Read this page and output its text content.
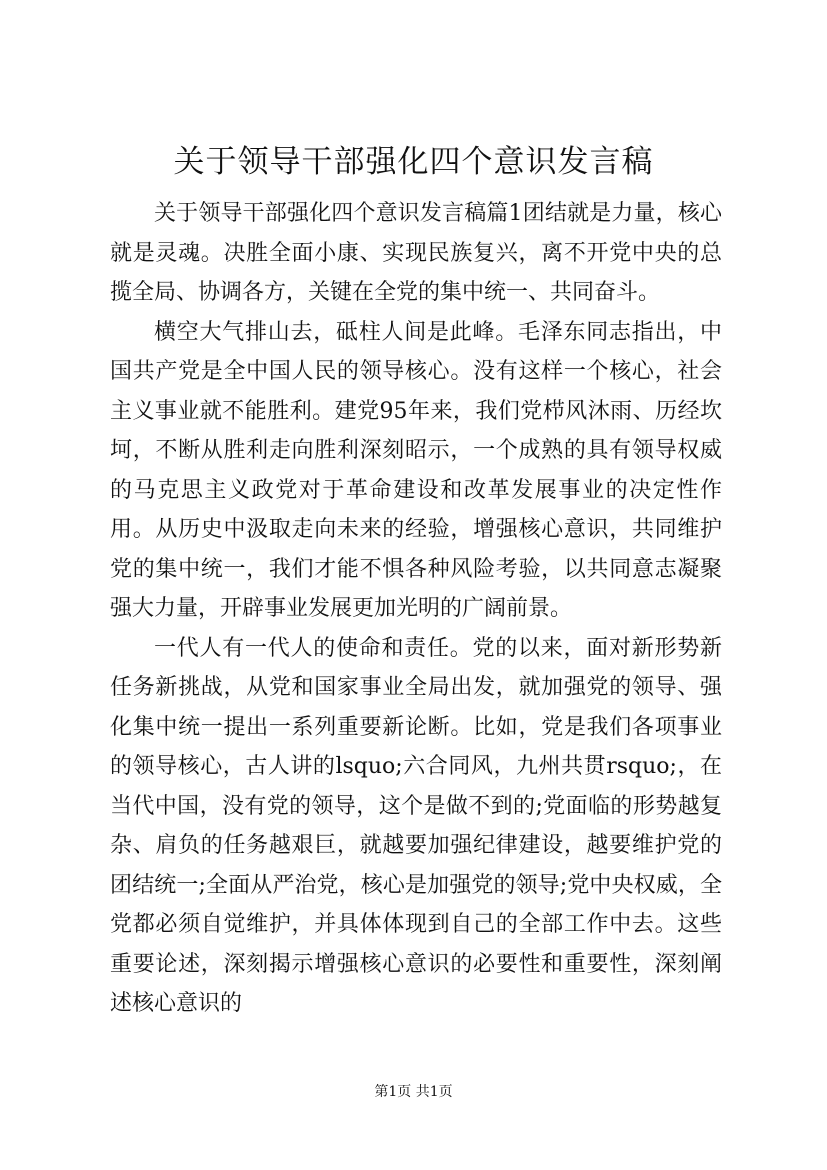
关于领导干部强化四个意识发言稿

关于领导干部强化四个意识发言稿篇1团结就是力量，核心就是灵魂。决胜全面小康、实现民族复兴，离不开党中央的总揽全局、协调各方，关键在全党的集中统一、共同奋斗。

横空大气排山去，砥柱人间是此峰。毛泽东同志指出，中国共产党是全中国人民的领导核心。没有这样一个核心，社会主义事业就不能胜利。建党95年来，我们党栉风沐雨、历经坎坷，不断从胜利走向胜利深刻昭示，一个成熟的具有领导权威的马克思主义政党对于革命建设和改革发展事业的决定性作用。从历史中汲取走向未来的经验，增强核心意识，共同维护党的集中统一，我们才能不惧各种风险考验，以共同意志凝聚强大力量，开辟事业发展更加光明的广阔前景。

一代人有一代人的使命和责任。党的以来，面对新形势新任务新挑战，从党和国家事业全局出发，就加强党的领导、强化集中统一提出一系列重要新论断。比如，党是我们各项事业的领导核心，古人讲的lsquo;六合同风，九州共贯rsquo;，在当代中国，没有党的领导，这个是做不到的;党面临的形势越复杂、肩负的任务越艰巨，就越要加强纪律建设，越要维护党的团结统一;全面从严治党，核心是加强党的领导;党中央权威，全党都必须自觉维护，并具体体现到自己的全部工作中去。这些重要论述，深刻揭示增强核心意识的必要性和重要性，深刻阐述核心意识的

第1页 共1页
